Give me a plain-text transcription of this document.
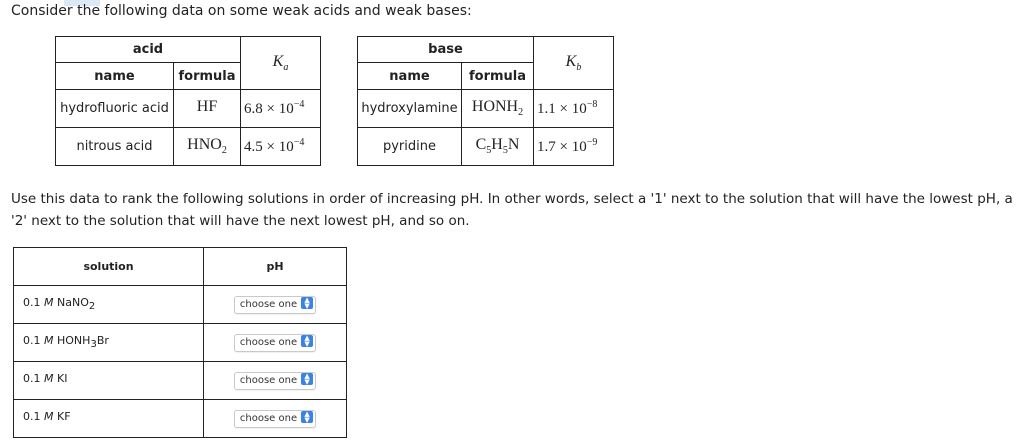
Consider the following data on some weak acids and weak bases:
acid		$K_a$
name	formula	
hydrofluoric acid	HF	$6.8 \times 10^{-4}$
nitrous acid	$HNO_2$	$4.5 \times 10^{-4}$
base		$K_b$
name	formula	
hydroxylamine	$HONH_2$	$1.1 \times 10^{-8}$
pyridine	$C_5H_5N$	$1.7 \times 10^{-9}$
Use this data to rank the following solutions in order of increasing pH. In other words, select a '1' next to the solution that will have the lowest pH, a '2' next to the solution that will have the next lowest pH, and so on.
solution	pH
0.1 M NaNO$_2$	choose one ▲
▼

0.1 M $HONH_3Br$	choose one ▲
▼

0.1 M KI	choose one ▲
▼

0.1 M KF	choose one ▲
▼
